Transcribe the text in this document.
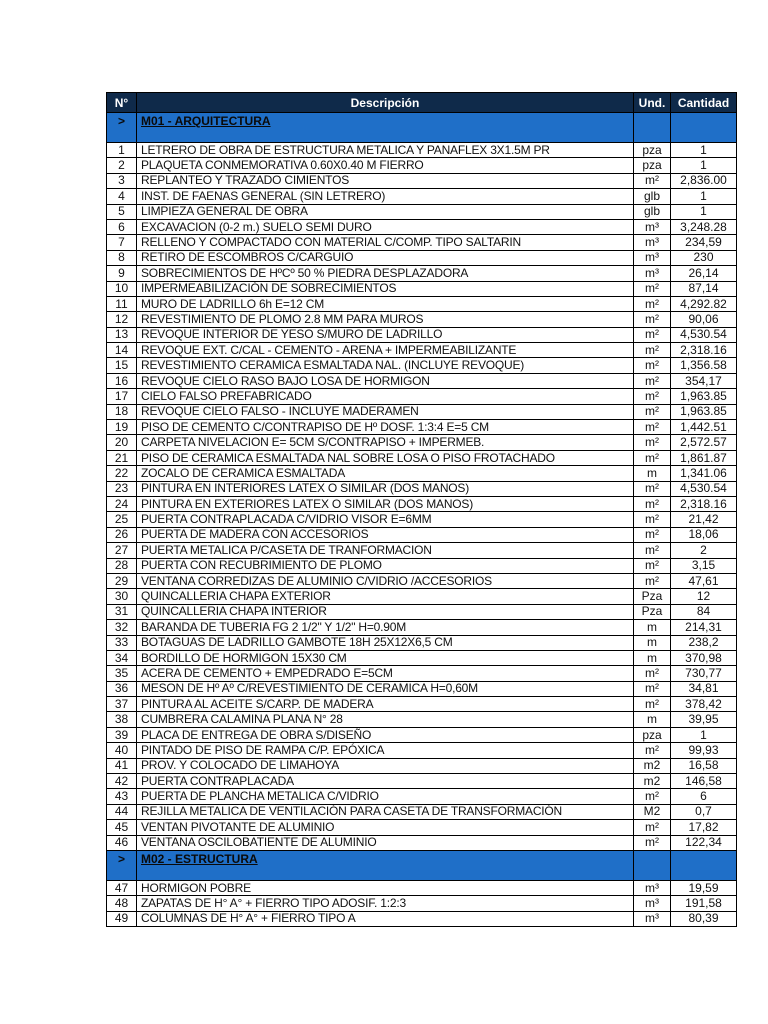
N°	Descripción	Und.	Cantidad
>	M01 - ARQUITECTURA		
1	LETRERO DE OBRA DE ESTRUCTURA METALICA Y PANAFLEX 3X1.5M PR	pza	1
2	PLAQUETA CONMEMORATIVA 0.60X0.40 M FIERRO	pza	1
3	REPLANTEO Y TRAZADO CIMIENTOS	m²	2,836.00
4	INST. DE FAENAS GENERAL (SIN LETRERO)	glb	1
5	LIMPIEZA GENERAL DE OBRA	glb	1
6	EXCAVACION (0-2 m.) SUELO SEMI DURO	m³	3,248.28
7	RELLENO Y COMPACTADO CON MATERIAL C/COMP. TIPO SALTARIN	m³	234,59
8	RETIRO DE ESCOMBROS C/CARGUIO	m³	230
9	SOBRECIMIENTOS DE HºCº 50 % PIEDRA DESPLAZADORA	m³	26,14
10	IMPERMEABILIZACIÓN DE SOBRECIMIENTOS	m²	87,14
11	MURO DE LADRILLO 6h E=12 CM	m²	4,292.82
12	REVESTIMIENTO DE PLOMO 2.8 MM PARA MUROS	m²	90,06
13	REVOQUE INTERIOR DE YESO S/MURO DE LADRILLO	m²	4,530.54
14	REVOQUE EXT. C/CAL - CEMENTO - ARENA + IMPERMEABILIZANTE	m²	2,318.16
15	REVESTIMIENTO CERAMICA ESMALTADA NAL. (INCLUYE REVOQUE)	m²	1,356.58
16	REVOQUE CIELO RASO BAJO LOSA DE HORMIGON	m²	354,17
17	CIELO FALSO PREFABRICADO	m²	1,963.85
18	REVOQUE CIELO FALSO - INCLUYE MADERAMEN	m²	1,963.85
19	PISO DE CEMENTO C/CONTRAPISO DE Hº DOSF. 1:3:4 E=5 CM	m²	1,442.51
20	CARPETA NIVELACION E= 5CM S/CONTRAPISO + IMPERMEB.	m²	2,572.57
21	PISO DE CERAMICA ESMALTADA NAL SOBRE LOSA O PISO FROTACHADO	m²	1,861.87
22	ZOCALO DE CERAMICA ESMALTADA	m	1,341.06
23	PINTURA EN INTERIORES LATEX O SIMILAR (DOS MANOS)	m²	4,530.54
24	PINTURA EN EXTERIORES LATEX O SIMILAR (DOS MANOS)	m²	2,318.16
25	PUERTA CONTRAPLACADA C/VIDRIO VISOR E=6MM	m²	21,42
26	PUERTA DE MADERA CON ACCESORIOS	m²	18,06
27	PUERTA METALICA P/CASETA DE TRANFORMACION	m²	2
28	PUERTA CON RECUBRIMIENTO DE PLOMO	m²	3,15
29	VENTANA CORREDIZAS DE ALUMINIO C/VIDRIO /ACCESORIOS	m²	47,61
30	QUINCALLERIA CHAPA EXTERIOR	Pza	12
31	QUINCALLERIA CHAPA INTERIOR	Pza	84
32	BARANDA DE TUBERIA FG 2 1/2" Y 1/2" H=0.90M	m	214,31
33	BOTAGUAS DE LADRILLO GAMBOTE 18H 25X12X6,5 CM	m	238,2
34	BORDILLO DE HORMIGON 15X30 CM	m	370,98
35	ACERA DE CEMENTO + EMPEDRADO E=5CM	m²	730,77
36	MESON DE Hº Aº C/REVESTIMIENTO DE CERAMICA H=0,60M	m²	34,81
37	PINTURA AL ACEITE S/CARP. DE MADERA	m²	378,42
38	CUMBRERA CALAMINA PLANA N° 28	m	39,95
39	PLACA DE ENTREGA DE OBRA S/DISEÑO	pza	1
40	PINTADO DE PISO DE RAMPA C/P. EPÓXICA	m²	99,93
41	PROV. Y COLOCADO DE LIMAHOYA	m2	16,58
42	PUERTA CONTRAPLACADA	m2	146,58
43	PUERTA DE PLANCHA METALICA C/VIDRIO	m²	6
44	REJILLA METALICA DE VENTILACIÓN PARA CASETA DE TRANSFORMACIÓN	M2	0,7
45	VENTAN PIVOTANTE DE ALUMINIO	m²	17,82
46	VENTANA OSCILOBATIENTE DE ALUMINIO	m²	122,34
>	M02 - ESTRUCTURA		
47	HORMIGON POBRE	m³	19,59
48	ZAPATAS DE H° A° + FIERRO TIPO ADOSIF. 1:2:3	m³	191,58
49	COLUMNAS DE H° A° + FIERRO TIPO A	m³	80,39
